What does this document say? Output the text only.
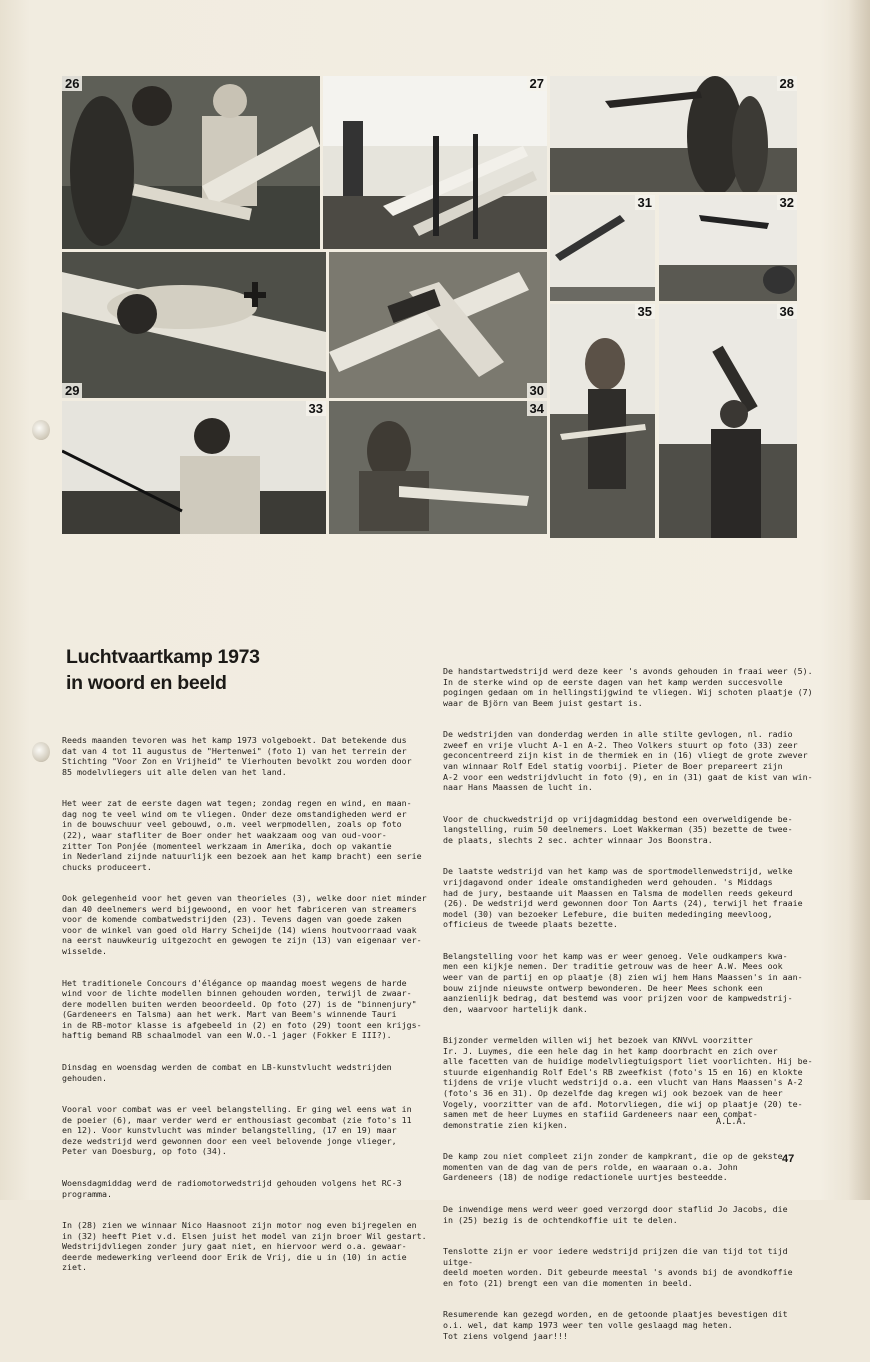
26	27	28
29	30
31	32
35	36
33	34
Luchtvaartkamp 1973
in woord en beeld

Reeds maanden tevoren was het kamp 1973 volgeboekt. Dat betekende dus
dat van 4 tot 11 augustus de "Hertenwei" (foto 1) van het terrein der
Stichting "Voor Zon en Vrijheid" te Vierhouten bevolkt zou worden door
85 modelvliegers uit alle delen van het land.

Het weer zat de eerste dagen wat tegen; zondag regen en wind, en maan-
dag nog te veel wind om te vliegen. Onder deze omstandigheden werd er
in de bouwschuur veel gebouwd, o.m. veel werpmodellen, zoals op foto
(22), waar stafliter de Boer onder het waakzaam oog van oud-voor-
zitter Ton Ponjée (momenteel werkzaam in Amerika, doch op vakantie
in Nederland zijnde natuurlijk een bezoek aan het kamp bracht) een serie
chucks produceert.

Ook gelegenheid voor het geven van theorieles (3), welke door niet minder
dan 40 deelnemers werd bijgewoond, en voor het fabriceren van streamers
voor de komende combatwedstrijden (23). Tevens dagen van goede zaken
voor de winkel van goed old Harry Scheijde (14) wiens houtvoorraad vaak
na eerst nauwkeurig uitgezocht en gewogen te zijn (13) van eigenaar ver-
wisselde.

Het traditionele Concours d'élégance op maandag moest wegens de harde
wind voor de lichte modellen binnen gehouden worden, terwijl de zwaar-
dere modellen buiten werden beoordeeld. Op foto (27) is de "binnenjury"
(Gardeneers en Talsma) aan het werk. Mart van Beem's winnende Tauri
in de RB-motor klasse is afgebeeld in (2) en foto (29) toont een krijgs-
haftig bemand RB schaalmodel van een W.O.-1 jager (Fokker E III?).

Dinsdag en woensdag werden de combat en LB-kunstvlucht wedstrijden
gehouden.

Vooral voor combat was er veel belangstelling. Er ging wel eens wat in
de poeier (6), maar verder werd er enthousiast gecombat (zie foto's 11
en 12). Voor kunstvlucht was minder belangstelling, (17 en 19) maar
deze wedstrijd werd gewonnen door een veel belovende jonge vlieger,
Peter van Doesburg, op foto (34).

Woensdagmiddag werd de radiomotorwedstrijd gehouden volgens het RC-3
programma.

In (28) zien we winnaar Nico Haasnoot zijn motor nog even bijregelen en
in (32) heeft Piet v.d. Elsen juist het model van zijn broer Wil gestart.
Wedstrijdvliegen zonder jury gaat niet, en hiervoor werd o.a. gewaar-
deerde medewerking verleend door Erik de Vrij, die u in (10) in actie
ziet.

De handstartwedstrijd werd deze keer 's avonds gehouden in fraai weer (5).
In de sterke wind op de eerste dagen van het kamp werden succesvolle
pogingen gedaan om in hellingstijgwind te vliegen. Wij schoten plaatje (7)
waar de Björn van Beem juist gestart is.

De wedstrijden van donderdag werden in alle stilte gevlogen, nl. radio
zweef en vrije vlucht A-1 en A-2. Theo Volkers stuurt op foto (33) zeer
geconcentreerd zijn kist in de thermiek en in (16) vliegt de grote zwever
van winnaar Rolf Edel statig voorbij. Pieter de Boer prepareert zijn
A-2 voor een wedstrijdvlucht in foto (9), en in (31) gaat de kist van win-
naar Hans Maassen de lucht in.

Voor de chuckwedstrijd op vrijdagmiddag bestond een overweldigende be-
langstelling, ruim 50 deelnemers. Loet Wakkerman (35) bezette de twee-
de plaats, slechts 2 sec. achter winnaar Jos Boonstra.

De laatste wedstrijd van het kamp was de sportmodellenwedstrijd, welke
vrijdagavond onder ideale omstandigheden werd gehouden. 's Middags
had de jury, bestaande uit Maassen en Talsma de modellen reeds gekeurd
(26). De wedstrijd werd gewonnen door Ton Aarts (24), terwijl het fraaie
model (30) van bezoeker Lefebure, die buiten mededinging meevloog,
officieus de tweede plaats bezette.

Belangstelling voor het kamp was er weer genoeg. Vele oudkampers kwa-
men een kijkje nemen. Der traditie getrouw was de heer A.W. Mees ook
weer van de partij en op plaatje (8) zien wij hem Hans Maassen's in aan-
bouw zijnde nieuwste ontwerp bewonderen. De heer Mees schonk een
aanzienlijk bedrag, dat bestemd was voor prijzen voor de kampwedstrij-
den, waarvoor hartelijk dank.

Bijzonder vermelden willen wij het bezoek van KNVvL voorzitter
Ir. J. Luymes, die een hele dag in het kamp doorbracht en zich over
alle facetten van de huidige modelvliegtuigsport liet voorlichten. Hij be-
stuurde eigenhandig Rolf Edel's RB zweefkist (foto's 15 en 16) en klokte
tijdens de vrije vlucht wedstrijd o.a. een vlucht van Hans Maassen's A-2
(foto's 36 en 31). Op dezelfde dag kregen wij ook bezoek van de heer
Vogely, voorzitter van de afd. Motorvliegen, die wij op plaatje (20) te-
samen met de heer Luymes en stafiid Gardeneers naar een combat-
demonstratie zien kijken.

De kamp zou niet compleet zijn zonder de kampkrant, die op de gekste
momenten van de dag van de pers rolde, en waaraan o.a. John
Gardeneers (18) de nodige redactionele uurtjes besteedde.

De inwendige mens werd weer goed verzorgd door staflid Jo Jacobs, die
in (25) bezig is de ochtendkoffie uit te delen.

Tenslotte zijn er voor iedere wedstrijd prijzen die van tijd tot tijd uitge-
deeld moeten worden. Dit gebeurde meestal 's avonds bij de avondkoffie
en foto (21) brengt een van die momenten in beeld.

Resumerende kan gezegd worden, en de getoonde plaatjes bevestigen dit
o.i. wel, dat kamp 1973 weer ten volle geslaagd mag heten.
Tot ziens volgend jaar!!!

A.L.A.
47
